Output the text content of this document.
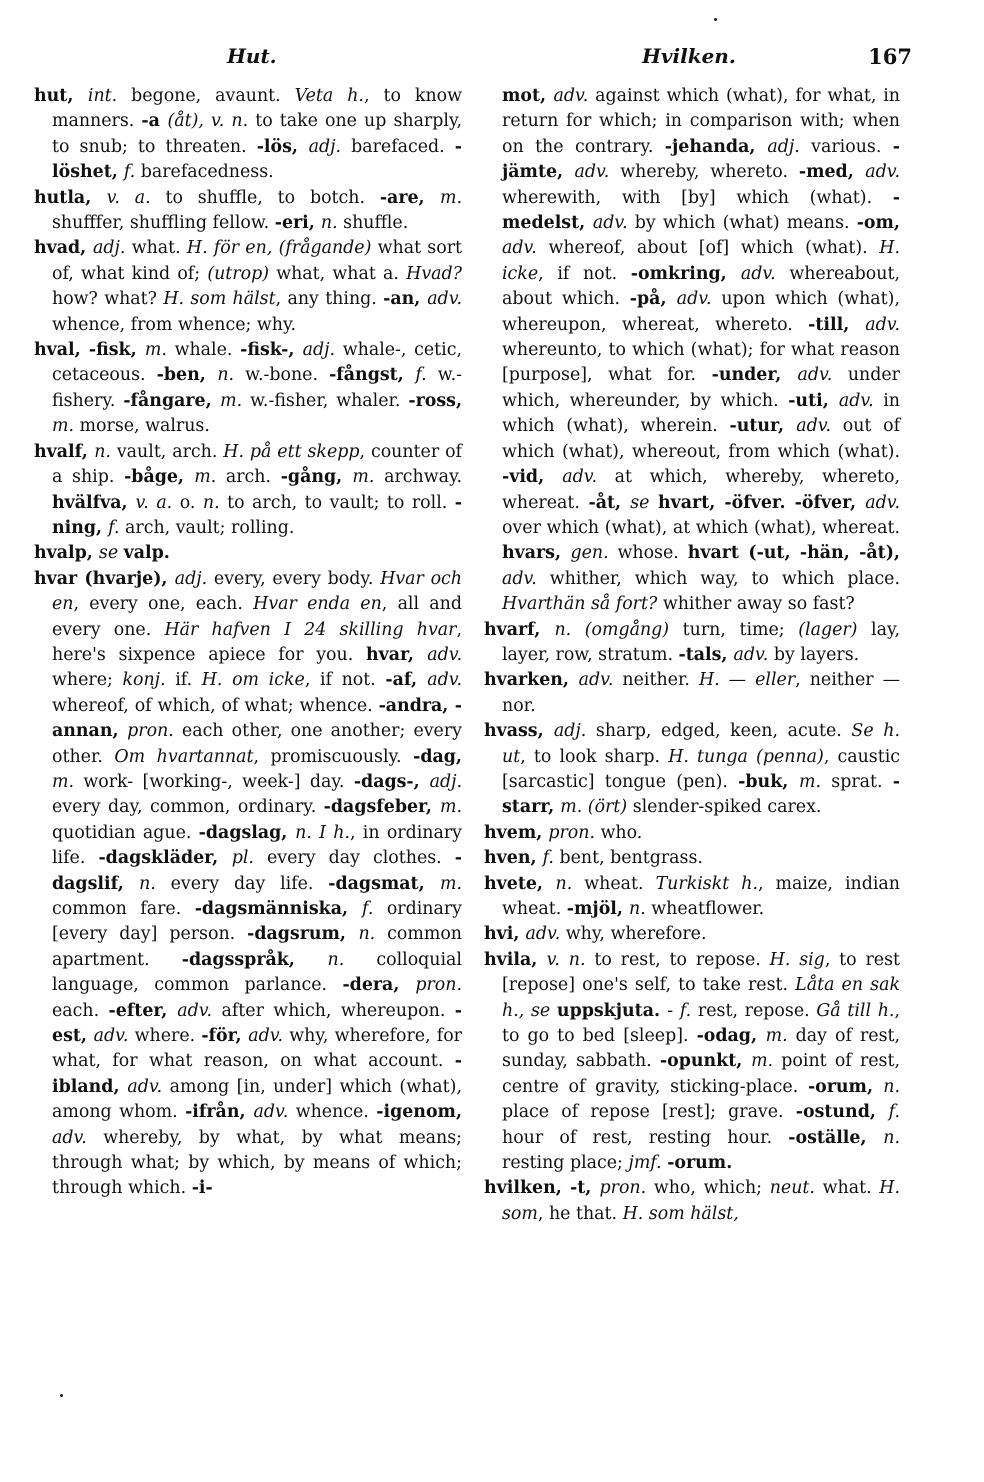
Hut.	Hvilken.	167

hut, int. begone, avaunt. Veta h., to know manners. -a (åt), v. n. to take one up sharply, to snub; to threaten. -lös, adj. barefaced. -löshet, f. barefacedness.

hutla, v. a. to shuffle, to botch. -are, m. shufffer, shuffling fellow. -eri, n. shuffle.

hvad, adj. what. H. för en, (frågande) what sort of, what kind of; (utrop) what, what a. Hvad? how? what? H. som hälst, any thing. -an, adv. whence, from whence; why.

hval, -fisk, m. whale. -fisk-, adj. whale-, cetic, cetaceous. -ben, n. w.-bone. -fångst, f. w.-fishery. -fångare, m. w.-fisher, whaler. -ross, m. morse, walrus.

hvalf, n. vault, arch. H. på ett skepp, counter of a ship. -båge, m. arch. -gång, m. archway. hvälfva, v. a. o. n. to arch, to vault; to roll. -ning, f. arch, vault; rolling.

hvalp, se valp.

hvar (hvarje), adj. every, every body. Hvar och en, every one, each. Hvar enda en, all and every one. Här hafven I 24 skilling hvar, here's sixpence apiece for you. hvar, adv. where; konj. if. H. om icke, if not. -af, adv. whereof, of which, of what; whence. -andra, -annan, pron. each other, one another; every other. Om hvartannat, promiscuously. -dag, m. work- [working-, week-] day. -dags-, adj. every day, common, ordinary. -dagsfeber, m. quotidian ague. -dagslag, n. I h., in ordinary life. -dagskläder, pl. every day clothes. -dagslif, n. every day life. -dagsmat, m. common fare. -dagsmänniska, f. ordinary [every day] person. -dagsrum, n. common apartment. -dagsspråk, n. colloquial language, common parlance. -dera, pron. each. -efter, adv. after which, whereupon. -est, adv. where. -för, adv. why, wherefore, for what, for what reason, on what account. -ibland, adv. among [in, under] which (what), among whom. -ifrån, adv. whence. -igenom, adv. whereby, by what, by what means; through what; by which, by means of which; through which. -i-

mot, adv. against which (what), for what, in return for which; in comparison with; when on the contrary. -jehanda, adj. various. -jämte, adv. whereby, whereto. -med, adv. wherewith, with [by] which (what). -medelst, adv. by which (what) means. -om, adv. whereof, about [of] which (what). H. icke, if not. -omkring, adv. whereabout, about which. -på, adv. upon which (what), whereupon, whereat, whereto. -till, adv. whereunto, to which (what); for what reason [purpose], what for. -under, adv. under which, whereunder, by which. -uti, adv. in which (what), wherein. -utur, adv. out of which (what), whereout, from which (what). -vid, adv. at which, whereby, whereto, whereat. -åt, se hvart, -öfver. -öfver, adv. over which (what), at which (what), whereat. hvars, gen. whose. hvart (-ut, -hän, -åt), adv. whither, which way, to which place. Hvarthän så fort? whither away so fast?

hvarf, n. (omgång) turn, time; (lager) lay, layer, row, stratum. -tals, adv. by layers.

hvarken, adv. neither. H. — eller, neither — nor.

hvass, adj. sharp, edged, keen, acute. Se h. ut, to look sharp. H. tunga (penna), caustic [sarcastic] tongue (pen). -buk, m. sprat. -starr, m. (ört) slender-spiked carex.

hvem, pron. who.

hven, f. bent, bentgrass.

hvete, n. wheat. Turkiskt h., maize, indian wheat. -mjöl, n. wheatflower.

hvi, adv. why, wherefore.

hvila, v. n. to rest, to repose. H. sig, to rest [repose] one's self, to take rest. Låta en sak h., se uppskjuta. - f. rest, repose. Gå till h., to go to bed [sleep]. -odag, m. day of rest, sunday, sabbath. -opunkt, m. point of rest, centre of gravity, sticking-place. -orum, n. place of repose [rest]; grave. -ostund, f. hour of rest, resting hour. -oställe, n. resting place; jmf. -orum.

hvilken, -t, pron. who, which; neut. what. H. som, he that. H. som hälst,
